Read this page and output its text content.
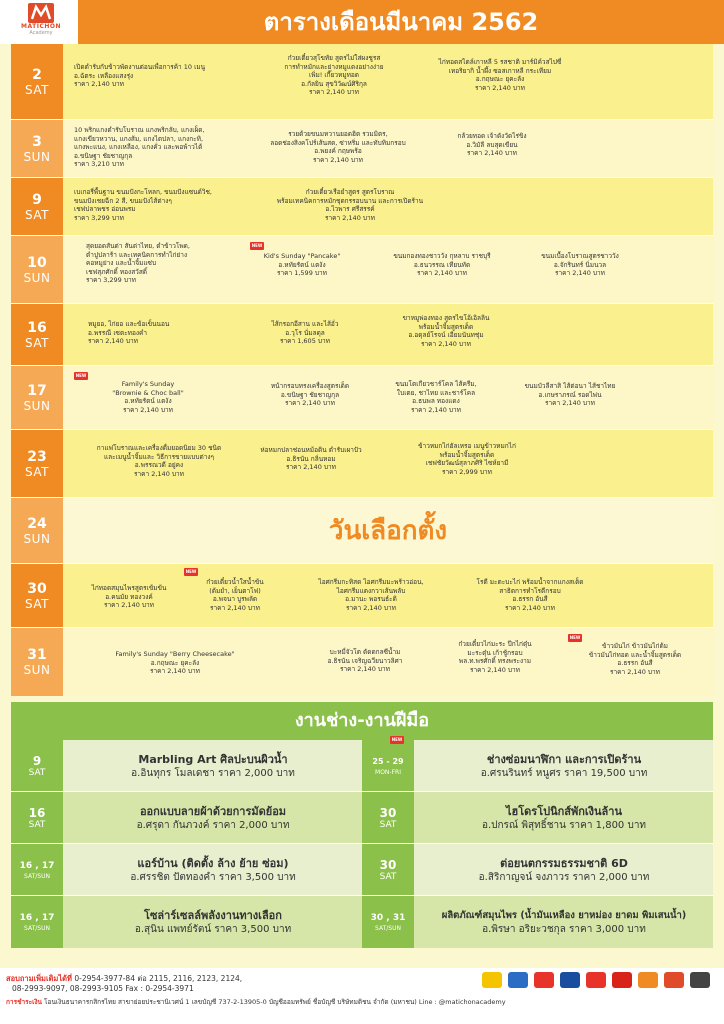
MATICHON
Academy	ตารางเดือนมีนาคม 2562
2
SAT
เปิดตำรับกับข้าวพัดงานต่อนเพื่อการค้า 10 เมนู
อ.ฉัตระ เหลืองแสงรุ่ง
ราคา 2,140 บาท
ก๋วยเตี๋ยวสุโขทัย สูตรไม่ใส่ผงชูรส
การทำหมักและย่างหมูแดงอย่างง่าย
เพิ่ม! เกี๊ยวหมูทอด
อ.กัลยิน สุขวิวัฒน์ศิริกุล
ราคา 2,140 บาท
ไก่ทอดสไตล์เกาหลี 5 รสชาติ มาร์มิค์วสไปซี่
เทอริยากิ น้ำผึ้ง ซอสเกาหลี กระเทียม
อ.กฤษณะ ยุคะลัง
ราคา 2,140 บาท
3
SUN
10 พริกแกงตำรับโบราณ แกงพริกลับ, แกงเผ็ด,
แกงเขียวหวาน, แกงส้ม, แกงไตปลา, แกงกะทิ,
แกงพะแนง, แกงเหลือง, แกงคั่ว และพอพ้าวได้
อ.ขนิษฐา ชัยชาญกุล
ราคา 3,210 บาท
รวยด้วยขนมหวานยอดฮิต รวมมิตร,
ลอดช่องสิงคโปร์เส้นสด, ซ่าหริ่ม และทับทิมกรอบ
อ.พยงค์ กฤษพร้อ
ราคา 2,140 บาท
กล้วยทอด เจ้าดังวัดไร่ขิง
อ.วิมัลี ลบสุดเขียน
ราคา 2,140 บาท
9
SAT
เบเกอรี่พื้นฐาน ขนมปังกะโหลก, ขนมปังแซนด์วิช,
ขนมปังเชยฉีก 2 สี, ขนมปังไส้ต่างๆ
เชฟปลาพชร อ่อนพรม
ราคา 3,299 บาท
ก๋วยเตี๋ยวเรือยำสูตร สูตรโบราณ
พร้อมเทคนิคการหมักชุดกรรอบนาน และการเปิดร้าน
อ.ไวพาร ศรีสรรค์
ราคา 2,140 บาท
10
SUN
สุดยอดสันต่า สันต่าไทย, ตำข้าวโพด,
ตำปูปลาร้า และเทคนิคการทำไก่ย่าง
คอหมูย่าง และน้ำจิ้มแซ่บ
เชฟสุภศักดิ์ ทองสวัสดิ์
ราคา 3,299 บาท
NEW
Kid's Sunday "Pancake"
อ.หทัยรัตน์ แตงัง
ราคา 1,599 บาท
ขนมกองทองชาววัง กุหลาบ ราชบุรี
อ.ธนวรรณ เทียนทัด
ราคา 2,140 บาท
ขนมเบื้องโบราณสูตรชาววัง
อ.จักรินทร์ นิ่มนวล
ราคา 2,140 บาท
16
SAT
หมูยอ, ไก่ยอ และข้อเข็นนอน
อ.พรรณี เซตะทองคำ
ราคา 2,140 บาท
ไส้กรอกอีสาน และไส้อั่ว
อ.วุโร นั่มลดุล
ราคา 1,605 บาท
ขาหมูพ่องทอง สูตรไขโอ้เอิลลิน
พร้อมน้ำจิ้มสูตรเด็ด
อ.อดุลย์โรจน์ เอียมนันทชุ่ม
ราคา 2,140 บาท
17
SUN
NEW
Family's Sunday
"Brownie & Choc ball"
อ.หทัยรัตน์ แตงัง
ราคา 2,140 บาท
หน้ากรอบทรงเครื่องสูตรเด็ด
อ.ขนิษฐา ชัยชาญกุล
ราคา 2,140 บาท
ขนมโตเกียวชาร์โคล ไส้ครีม,
ใบเตย, ชาไทย และชาร์โคล
อ.ธนพล ทองแดง
ราคา 2,140 บาท
ขนมบัวลีสาสิ ไส้ต่อนา ไส้ชาไทย
อ.เกษราภรณ์ รอดไพ่น
ราคา 2,140 บาท
23
SAT
กาแฟโบราณและเครื่องดื่มยอดนิยม 30 ชนิด
และเมนูน้ำจิ้มและ วิธีการขายแบบต่างๆ
อ.พรรณวดี อยู่คง
ราคา 2,140 บาท
ห่อหมกปลาช่อนหม้อดิน ตำรับเผาปัว
อ.ธิรนัน กลิ่นหอม
ราคา 2,140 บาท
ข้าวหมกไก่ฮัลเหรอ เมนูข้าวหมกไก่
พร้อมน้ำจิ้มสูตรเด็ด
เชฟชัยวัฒน์สุลาภศิริ ไซห์ยามี
ราคา 2,999 บาท
24
SUN	วันเลือกตั้ง
30
SAT
ไก่ทอดสมุนไพรสูตรเข้มข้น
อ.คนมัย ทองวงค์
ราคา 2,140 บาท
NEW
ก๋วยเตี๋ยวน้ำใสน้ำข้น
(ต้มยำ, เย็นตาโฟ)
อ.พจนา บูรพลัด
ราคา 2,140 บาท
ไอศกรีมกะทิสด ไอศกรีมมะพร้าวอ่อน,
ไอศกรีมแตงกวาเส้นพลับ
อ.มานะ พอรนธ์ะดิ
ราคา 2,140 บาท
โรตี มะตะบะไก่ พร้อมน้ำจากแกงสเต็ด
สาธิตการทำโรตีกรอบ
อ.ธรรก อันสี
ราคา 2,140 บาท
31
SUN
Family's Sunday "Berry Cheesecake"
อ.กฤษณะ ยุคะลัง
ราคา 2,140 บาท
บะหมี่จัวโต ตัดดกลซีน้ำม
อ.ธิรนัน เจริญฉวียนาวลิศา
ราคา 2,140 บาท
ก๋วยเตี๋ยวไก่มะระ ปีกไก่ตุ๋น
มะระตุ๋น เก้าชู้กรอบ
พล.ท.พรศักดิ์ ทรงพระงาม
ราคา 2,140 บาท
NEW
ข้าวมันไก่ ข้าวมันไก่ต้ม
ข้าวมันไก่ทอด และน้ำจิ้มสูตรเด็ด
อ.ธรรก อันสี
ราคา 2,140 บาท
งานช่าง-งานฝีมือ
9
SAT
Marbling Art ศิลปะบนผิวน้ำ
อ.อินทุกร โมลเดชา ราคา 2,000 บาท
16
SAT
ออกแบบลายผ้าด้วยการมัดย้อม
อ.ศรุดา กันภวงค์ ราคา 2,000 บาท
16 , 17
SAT/SUN
แอร์บ้าน (ติดตั้ง ล้าง ย้าย ซ่อม)
อ.ศรรชิต ปัตทองคำ ราคา 3,500 บาท
16 , 17
SAT/SUN
โซล่าร์เซลล์พลังงานทางเลือก
อ.สุนิน แพทย์รัตน์ ราคา 3,500 บาท
25 - 29
MON-FRI
NEW
ช่างซ่อมนาฬิกา และการเปิดร้าน
อ.ศรนรินทร์ หนูศร ราคา 19,500 บาท
30
SAT
ไฮโดรโปนิกส์พักเงินล้าน
อ.ปกรณ์ พิสุทธิ์ชาน ราคา 1,800 บาท
30
SAT
ต่อยนตกรรมธรรมชาติ 6D
อ.สิริกาญจน์ จงภาวร ราคา 2,000 บาท
30 , 31
SAT/SUN
ผลิตภัณฑ์สมุนไพร (น้ำมันเหลือง ยาหม่อง ยาดม พิมเสนน้ำ)
อ.พิรษา อริยะวชกุล ราคา 3,000 บาท
สอบถามเพิ่มเติมได้ที่ 0-2954-3977-84 ต่อ 2115, 2116, 2123, 2124,
08-2993-9097, 08-2993-9105 Fax : 0-2954-3971
การชำระเงิน โอนเงินธนาคารกสิกรไทย สาขาย่อยประชานิเวศน์ 1 เลขบัญชี 737-2-13905-0 บัญชีออมทรัพย์ ชื่อบัญชี บริษัทมติชน จำกัด (มหาชน) Line : @matichonacademy
